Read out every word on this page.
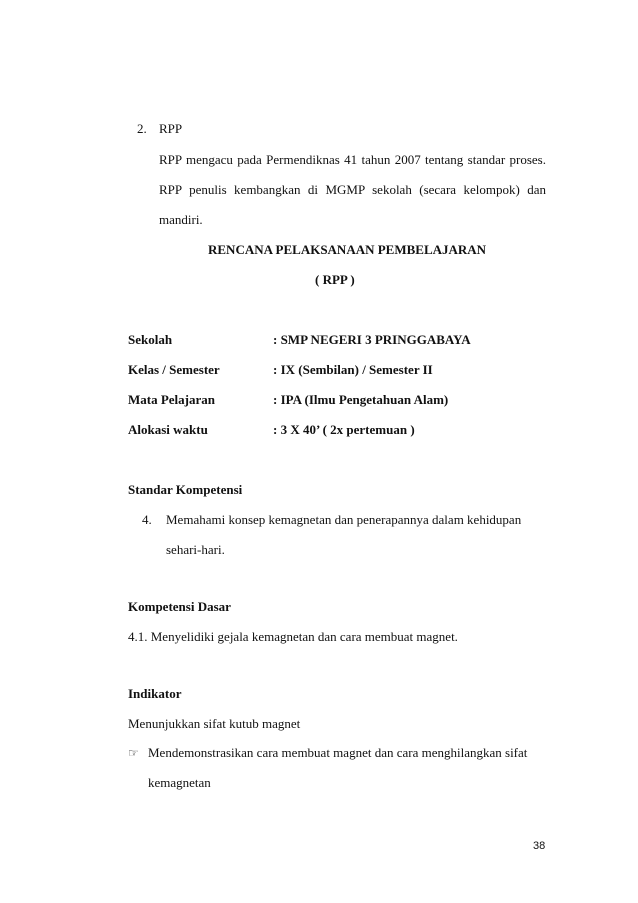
2. RPP
RPP mengacu pada Permendiknas 41 tahun 2007 tentang standar proses.
RPP penulis kembangkan di MGMP sekolah (secara kelompok) dan
mandiri.
RENCANA PELAKSANAAN PEMBELAJARAN
( RPP )
Sekolah	: SMP NEGERI 3 PRINGGABAYA
Kelas / Semester	: IX (Sembilan) / Semester II
Mata Pelajaran	: IPA (Ilmu Pengetahuan Alam)
Alokasi waktu	: 3 X 40’ ( 2x pertemuan )
Standar Kompetensi
4. Memahami konsep kemagnetan dan penerapannya dalam kehidupan
sehari-hari.
Kompetensi Dasar
4.1. Menyelidiki gejala kemagnetan dan cara membuat magnet.
Indikator
Menunjukkan sifat kutub magnet
☞ Mendemonstrasikan cara membuat magnet dan cara menghilangkan sifat
kemagnetan
38
